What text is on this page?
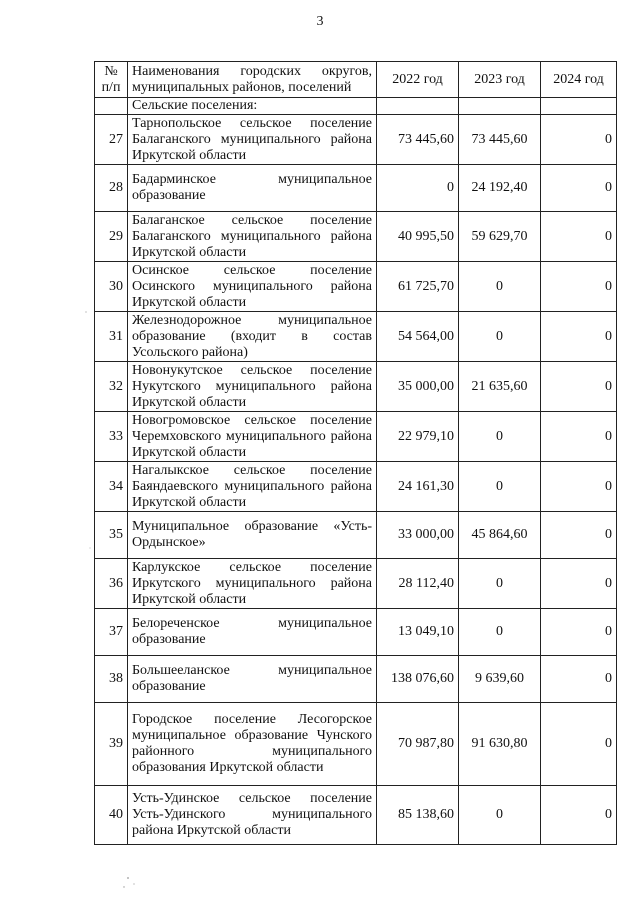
3
№ п/п	Наименования городских округов, муниципальных районов, поселений	2022 год	2023 год	2024 год
	Сельские поселения:			
27	Тарнопольское сельское поселение Балаганского муниципального района Иркутской области	73 445,60	73 445,60	0
28	Бадарминское муниципальное образование	0	24 192,40	0
29	Балаганское сельское поселение Балаганского муниципального района Иркутской области	40 995,50	59 629,70	0
30	Осинское сельское поселение Осинского муниципального района Иркутской области	61 725,70	0	0
31	Железнодорожное муниципальное образование (входит в состав Усольского района)	54 564,00	0	0
32	Новонукутское сельское поселение Нукутского муниципального района Иркутской области	35 000,00	21 635,60	0
33	Новогромовское сельское поселение Черемховского муниципального района Иркутской области	22 979,10	0	0
34	Нагалыкское сельское поселение Баяндаевского муниципального района Иркутской области	24 161,30	0	0
35	Муниципальное образование «Усть-Ордынское»	33 000,00	45 864,60	0
36	Карлукское сельское поселение Иркутского муниципального района Иркутской области	28 112,40	0	0
37	Белореченское муниципальное образование	13 049,10	0	0
38	Большееланское муниципальное образование	138 076,60	9 639,60	0
39	Городское поселение Лесогорское муниципальное образование Чунского районного муниципального образования Иркутской области	70 987,80	91 630,80	0
40	Усть-Удинское сельское поселение Усть-Удинского муниципального района Иркутской области	85 138,60	0	0
